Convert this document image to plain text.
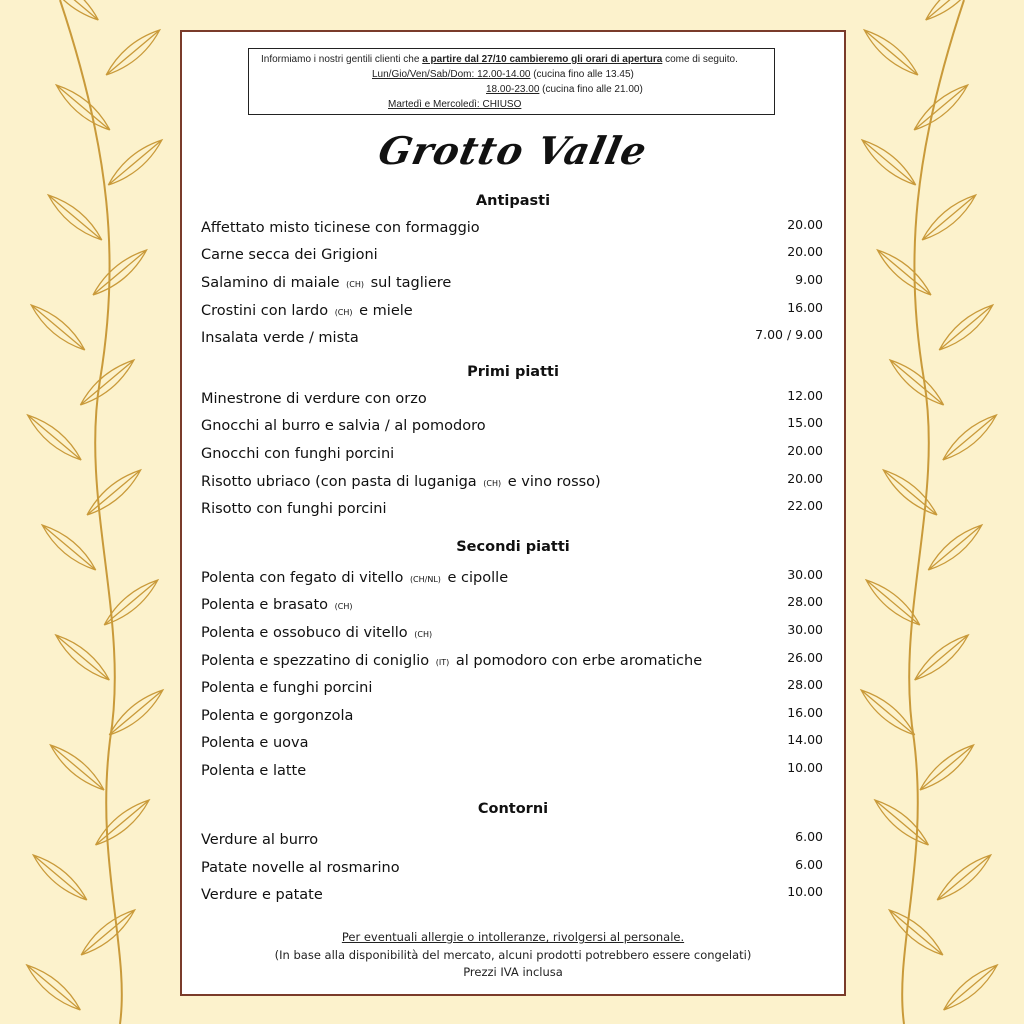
Informiamo i nostri gentili clienti che a partire dal 27/10 cambieremo gli orari di apertura come di seguito.
Lun/Gio/Ven/Sab/Dom: 12.00-14.00 (cucina fino alle 13.45)
18.00-23.00 (cucina fino alle 21.00)
Martedì e Mercoledì: CHIUSO
Grotto Valle
Antipasti
Affettato misto ticinese con formaggio	20.00
Carne secca dei Grigioni	20.00
Salamino di maiale (CH) sul tagliere	9.00
Crostini con lardo (CH) e miele	16.00
Insalata verde / mista	7.00 / 9.00
Primi piatti
Minestrone di verdure con orzo	12.00
Gnocchi al burro e salvia / al pomodoro	15.00
Gnocchi con funghi porcini	20.00
Risotto ubriaco (con pasta di luganiga (CH) e vino rosso)	20.00
Risotto con funghi porcini	22.00
Secondi piatti
Polenta con fegato di vitello (CH/NL) e cipolle	30.00
Polenta e brasato (CH)	28.00
Polenta e ossobuco di vitello (CH)	30.00
Polenta e spezzatino di coniglio (IT) al pomodoro con erbe aromatiche	26.00
Polenta e funghi porcini	28.00
Polenta e gorgonzola	16.00
Polenta e uova	14.00
Polenta e latte	10.00
Contorni
Verdure al burro	6.00
Patate novelle al rosmarino	6.00
Verdure e patate	10.00
Per eventuali allergie o intolleranze, rivolgersi al personale.
(In base alla disponibilità del mercato, alcuni prodotti potrebbero essere congelati)
Prezzi IVA inclusa
